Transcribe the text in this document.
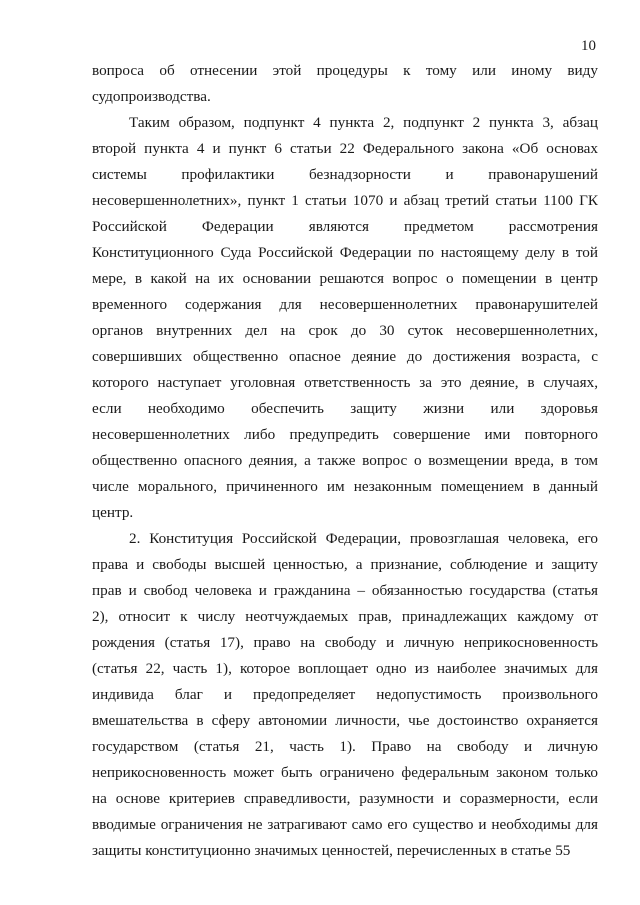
10
вопроса об отнесении этой процедуры к тому или иному виду
судопроизводства.
Таким образом, подпункт 4 пункта 2, подпункт 2 пункта 3, абзац
второй пункта 4 и пункт 6 статьи 22 Федерального закона «Об основах
системы профилактики безнадзорности и правонарушений
несовершеннолетних», пункт 1 статьи 1070 и абзац третий статьи 1100 ГК
Российской Федерации являются предметом рассмотрения
Конституционного Суда Российской Федерации по настоящему делу в той
мере, в какой на их основании решаются вопрос о помещении в центр
временного содержания для несовершеннолетних правонарушителей
органов внутренних дел на срок до 30 суток несовершеннолетних,
совершивших общественно опасное деяние до достижения возраста, с
которого наступает уголовная ответственность за это деяние, в случаях,
если необходимо обеспечить защиту жизни или здоровья
несовершеннолетних либо предупредить совершение ими повторного
общественно опасного деяния, а также вопрос о возмещении вреда, в том
числе морального, причиненного им незаконным помещением в данный
центр.
2. Конституция Российской Федерации, провозглашая человека, его
права и свободы высшей ценностью, а признание, соблюдение и защиту
прав и свобод человека и гражданина – обязанностью государства (статья
2), относит к числу неотчуждаемых прав, принадлежащих каждому от
рождения (статья 17), право на свободу и личную неприкосновенность
(статья 22, часть 1), которое воплощает одно из наиболее значимых для
индивида благ и предопределяет недопустимость произвольного
вмешательства в сферу автономии личности, чье достоинство охраняется
государством (статья 21, часть 1). Право на свободу и личную
неприкосновенность может быть ограничено федеральным законом только
на основе критериев справедливости, разумности и соразмерности, если
вводимые ограничения не затрагивают само его существо и необходимы для
защиты конституционно значимых ценностей, перечисленных в статье 55
